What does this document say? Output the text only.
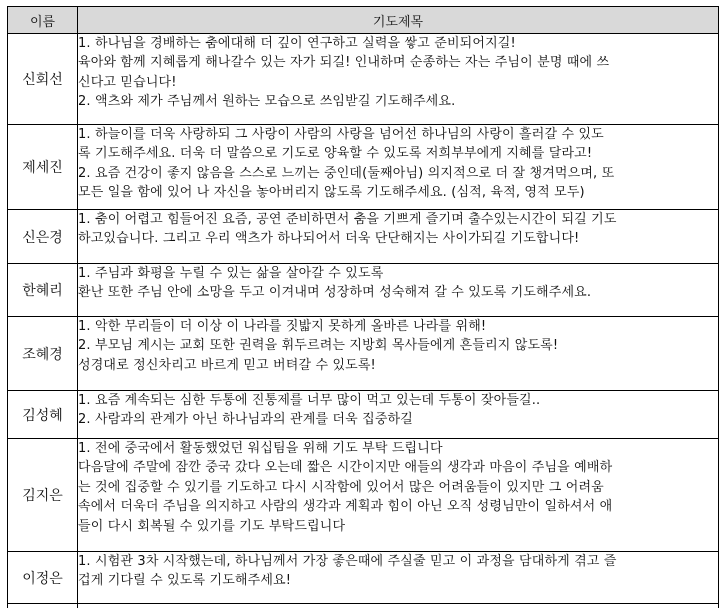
이름	기도제목
신회선	1. 하나님을 경배하는 춤에대해 더 깊이 연구하고 실력을 쌓고 준비되어지길!
육아와 함께 지혜롭게 해나갈수 있는 자가 되길! 인내하며 순종하는 자는 주님이 분명 때에 쓰
신다고 믿습니다!
2. 액츠와 제가 주님께서 원하는 모습으로 쓰임받길 기도해주세요.

제세진	1. 하늘이를 더욱 사랑하되 그 사랑이 사람의 사랑을 넘어선 하나님의 사랑이 흘러갈 수 있도
록 기도해주세요. 더욱 더 말씀으로 기도로 양육할 수 있도록 저희부부에게 지혜를 달라고!
2. 요즘 건강이 좋지 않음을 스스로 느끼는 중인데(둘째아님) 의지적으로 더 잘 챙겨먹으며, 또
모든 일을 함에 있어 나 자신을 놓아버리지 않도록 기도해주세요. (심적, 육적, 영적 모두)

신은경	1. 춤이 어렵고 힘들어진 요즘, 공연 준비하면서 춤을 기쁘게 즐기며 출수있는시간이 되길 기도
하고있습니다. 그리고 우리 액츠가 하나되어서 더욱 단단해지는 사이가되길 기도합니다!

한혜리	1. 주님과 화평을 누릴 수 있는 삶을 살아갈 수 있도록
환난 또한 주님 안에 소망을 두고 이겨내며 성장하며 성숙해져 갈 수 있도록 기도해주세요.

조혜경	1. 악한 무리들이 더 이상 이 나라를 짓밟지 못하게 올바른 나라를 위해!
2. 부모님 계시는 교회 또한 권력을 휘두르려는 지방회 목사들에게 흔들리지 않도록!
성경대로 정신차리고 바르게 믿고 버텨갈 수 있도록!

김성혜	1. 요즘 계속되는 심한 두통에 진통제를 너무 많이 먹고 있는데 두통이 잦아들길..
2. 사람과의 관계가 아닌 하나님과의 관계를 더욱 집중하길

김지은	1. 전에 중국에서 활동했었던 워십팀을 위해 기도 부탁 드립니다
다음달에 주말에 잠깐 중국 갔다 오는데 짧은 시간이지만 애들의 생각과 마음이 주님을 예배하
는 것에 집중할 수 있기를 기도하고 다시 시작함에 있어서 많은 어려움들이 있지만 그 어려움
속에서 더욱더 주님을 의지하고 사람의 생각과 계획과 힘이 아닌 오직 성령님만이 일하셔서 애
들이 다시 회복될 수 있기를 기도 부탁드립니다

이정은	1. 시험관 3차 시작했는데, 하나님께서 가장 좋은때에 주실줄 믿고 이 과정을 담대하게 겪고 즐
겁게 기다릴 수 있도록 기도해주세요!
